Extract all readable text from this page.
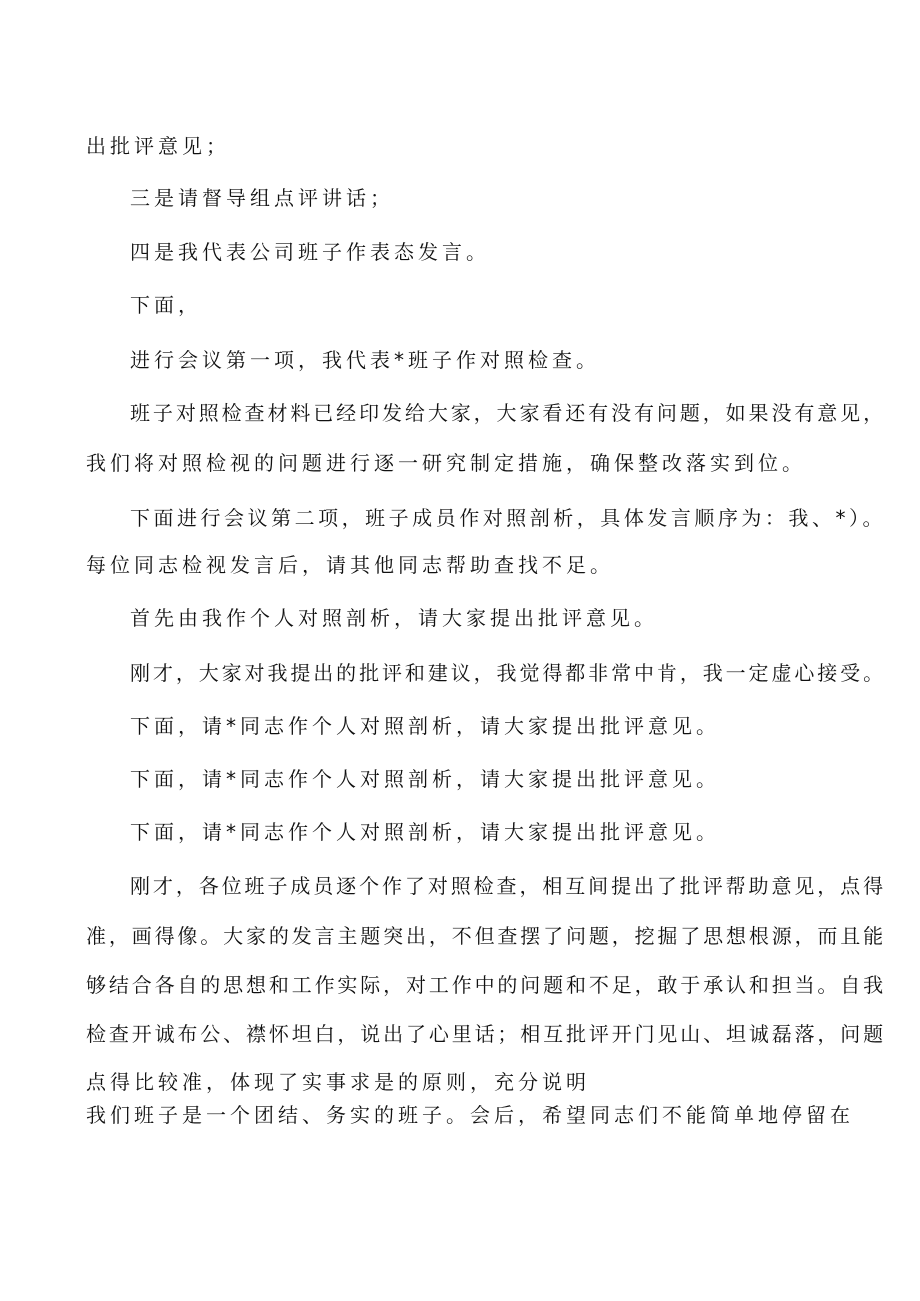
出批评意见；
三是请督导组点评讲话；
四是我代表公司班子作表态发言。
下面，
进行会议第一项，我代表*班子作对照检查。
班子对照检查材料已经印发给大家，大家看还有没有问题，如果没有意见，
我们将对照检视的问题进行逐一研究制定措施，确保整改落实到位。
下面进行会议第二项，班子成员作对照剖析，具体发言顺序为：我、*）。
每位同志检视发言后，请其他同志帮助查找不足。
首先由我作个人对照剖析，请大家提出批评意见。
刚才，大家对我提出的批评和建议，我觉得都非常中肯，我一定虚心接受。
下面，请*同志作个人对照剖析，请大家提出批评意见。
下面，请*同志作个人对照剖析，请大家提出批评意见。
下面，请*同志作个人对照剖析，请大家提出批评意见。
刚才，各位班子成员逐个作了对照检查，相互间提出了批评帮助意见，点得
准，画得像。大家的发言主题突出，不但查摆了问题，挖掘了思想根源，而且能
够结合各自的思想和工作实际，对工作中的问题和不足，敢于承认和担当。自我
检查开诚布公、襟怀坦白，说出了心里话；相互批评开门见山、坦诚磊落，问题
点得比较准，体现了实事求是的原则，充分说明
我们班子是一个团结、务实的班子。会后，希望同志们不能简单地停留在
